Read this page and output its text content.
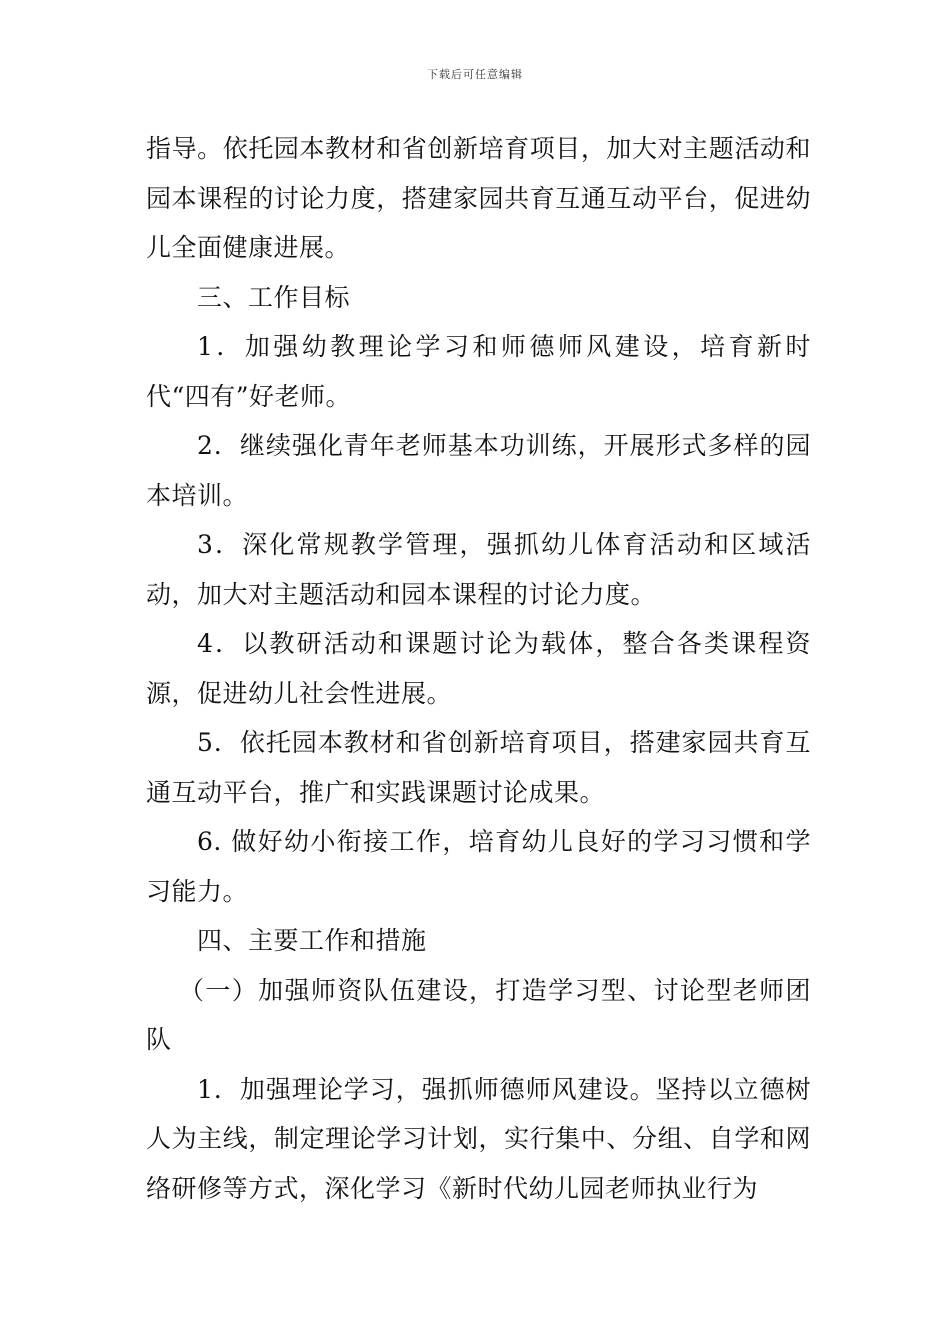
下载后可任意编辑

指导。依托园本教材和省创新培育项目，加大对主题活动和园本课程的讨论力度，搭建家园共育互通互动平台，促进幼儿全面健康进展。

三、工作目标

1．加强幼教理论学习和师德师风建设，培育新时代“四有”好老师。

2．继续强化青年老师基本功训练，开展形式多样的园本培训。

3．深化常规教学管理，强抓幼儿体育活动和区域活动，加大对主题活动和园本课程的讨论力度。

4．以教研活动和课题讨论为载体，整合各类课程资源，促进幼儿社会性进展。

5．依托园本教材和省创新培育项目，搭建家园共育互通互动平台，推广和实践课题讨论成果。

6. 做好幼小衔接工作，培育幼儿良好的学习习惯和学习能力。

四、主要工作和措施

（一）加强师资队伍建设，打造学习型、讨论型老师团队

1．加强理论学习，强抓师德师风建设。坚持以立德树人为主线，制定理论学习计划，实行集中、分组、自学和网络研修等方式，深化学习《新时代幼儿园老师执业行为
